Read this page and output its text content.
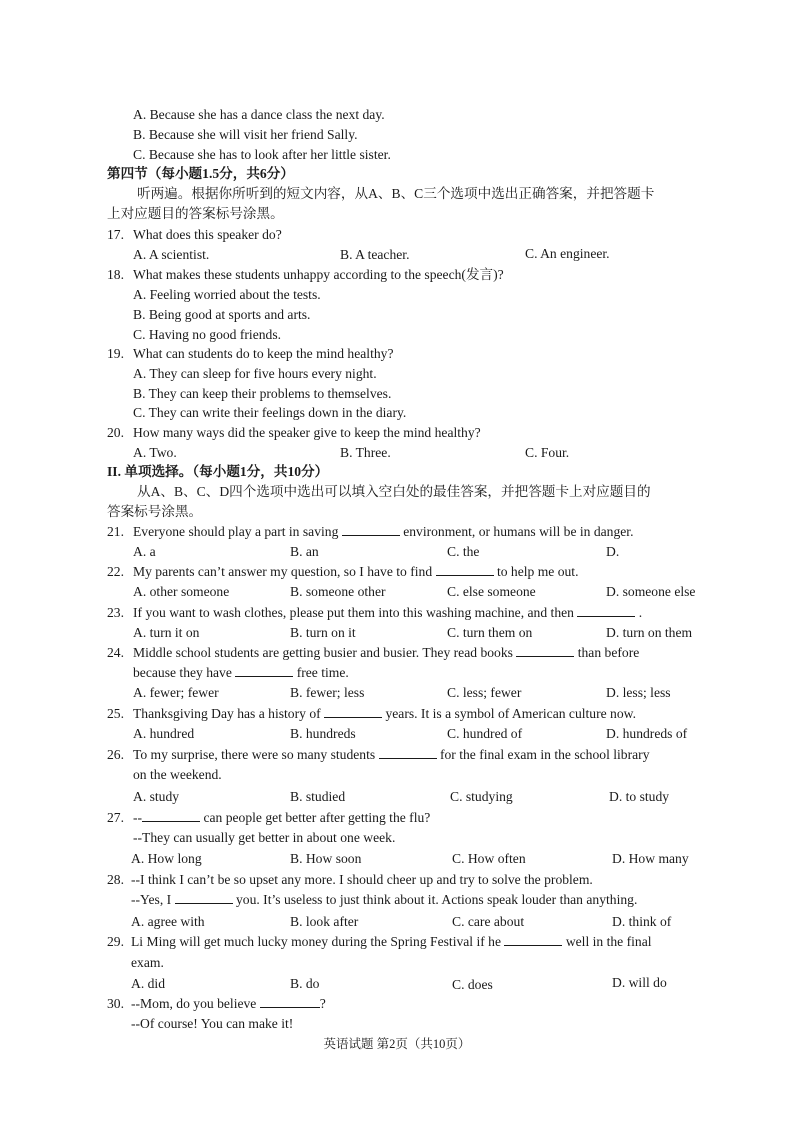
A. Because she has a dance class the next day.
B. Because she will visit her friend Sally.
C. Because she has to look after her little sister.
第四节（每小题1.5分，共6分）
听两遍。根据你所听到的短文内容，从A、B、C三个选项中选出正确答案，并把答题卡
上对应题目的答案标号涂黑。
17. What does this speaker do?
A. A scientist.	B. A teacher.	C. An engineer.
18. What makes these students unhappy according to the speech(发言)?
A. Feeling worried about the tests.
B. Being good at sports and arts.
C. Having no good friends.
19. What can students do to keep the mind healthy?
A. They can sleep for five hours every night.
B. They can keep their problems to themselves.
C. They can write their feelings down in the diary.
20. How many ways did the speaker give to keep the mind healthy?
A. Two.	B. Three.	C. Four.
II. 单项选择。（每小题1分，共10分）
从A、B、C、D四个选项中选出可以填入空白处的最佳答案，并把答题卡上对应题目的
答案标号涂黑。
21. Everyone should play a part in saving	environment, or humans will be in danger.
A. a	B. an	C. the	D.
22. My parents can’t answer my question, so I have to find	to help me out.
A. other someone	B. someone other	C. else someone	D. someone else
23. If you want to wash clothes, please put them into this washing machine, and then	.
A. turn it on	B. turn on it	C. turn them on	D. turn on them
24. Middle school students are getting busier and busier. They read books	than before
because they have	free time.
A. fewer; fewer	B. fewer; less	C. less; fewer	D. less; less
25. Thanksgiving Day has a history of	years. It is a symbol of American culture now.
A. hundred	B. hundreds	C. hundred of	D. hundreds of
26. To my surprise, there were so many students	for the final exam in the school library
on the weekend.
A. study	B. studied	C. studying	D. to study
27. --	can people get better after getting the flu?
--They can usually get better in about one week.
A. How long	B. How soon	C. How often	D. How many
28. --I think I can’t be so upset any more. I should cheer up and try to solve the problem.
--Yes, I	you. It’s useless to just think about it. Actions speak louder than anything.
A. agree with	B. look after	C. care about	D. think of
29. Li Ming will get much lucky money during the Spring Festival if he	well in the final
exam.
A. did	B. do	C. does	D. will do
30. --Mom, do you believe	?
--Of course! You can make it!
英语试题 第2页（共10页）
